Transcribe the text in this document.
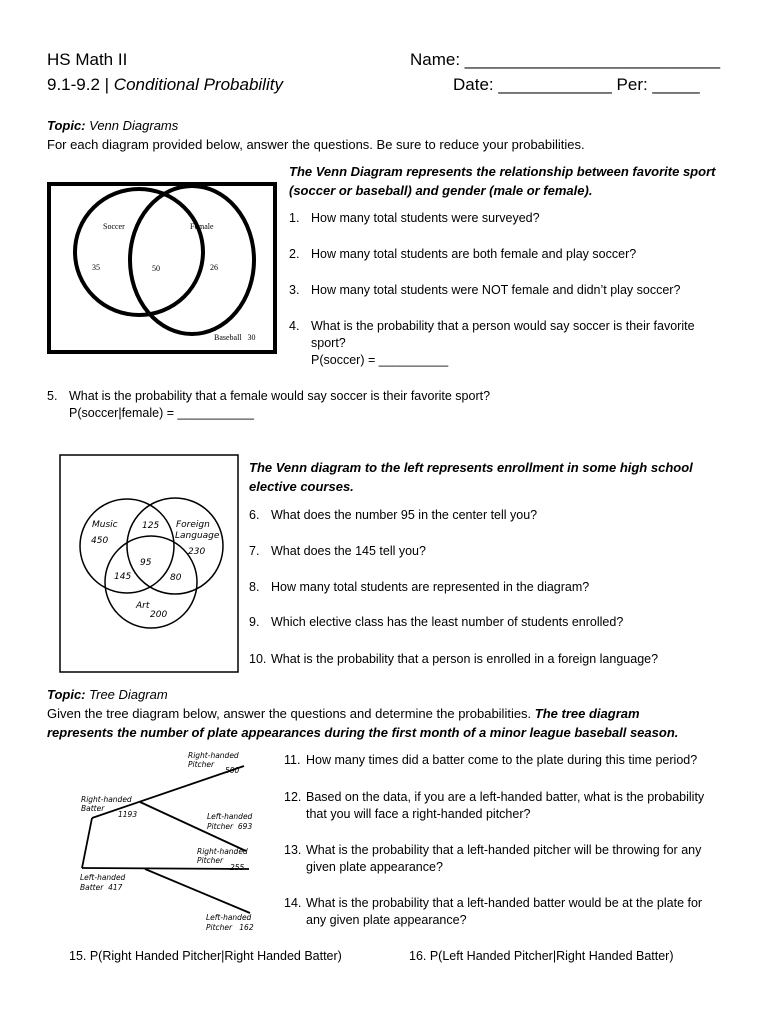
HS Math II
9.1-9.2 | Conditional Probability
Name: ___________________________
Date: ____________ Per: _____
Topic: Venn Diagrams
For each diagram provided below, answer the questions. Be sure to reduce your probabilities.
Soccer	Female
35	50	26
Baseball 30
The Venn Diagram represents the relationship between favorite sport
(soccer or baseball) and gender (male or female).
1. How many total students were surveyed?
2. How many total students are both female and play soccer?
3. How many total students were NOT female and didn’t play soccer?
4. What is the probability that a person would say soccer is their favorite
sport?
P(soccer) = __________
5. What is the probability that a female would say soccer is their favorite sport?
P(soccer|female) = ___________
Music
450
125 Foreign
Language
230
95
145	80
Art
200
The Venn diagram to the left represents enrollment in some high school
elective courses.
6. What does the number 95 in the center tell you?
7. What does the 145 tell you?
8. How many total students are represented in the diagram?
9. Which elective class has the least number of students enrolled?
10. What is the probability that a person is enrolled in a foreign language?
Topic: Tree Diagram
Given the tree diagram below, answer the questions and determine the probabilities. The tree diagram
represents the number of plate appearances during the first month of a minor league baseball season.
Right-handed
Pitcher
500
Right-handed
Batter
1193	Left-handed
Pitcher 693
Right-handed
Pitcher
255
Left-handed
Batter 417
Left-handed
Pitcher 162
11. How many times did a batter come to the plate during this time period?
12. Based on the data, if you are a left-handed batter, what is the probability
that you will face a right-handed pitcher?
13. What is the probability that a left-handed pitcher will be throwing for any
given plate appearance?
14. What is the probability that a left-handed batter would be at the plate for
any given plate appearance?
15. P(Right Handed Pitcher|Right Handed Batter)	16. P(Left Handed Pitcher|Right Handed Batter)
